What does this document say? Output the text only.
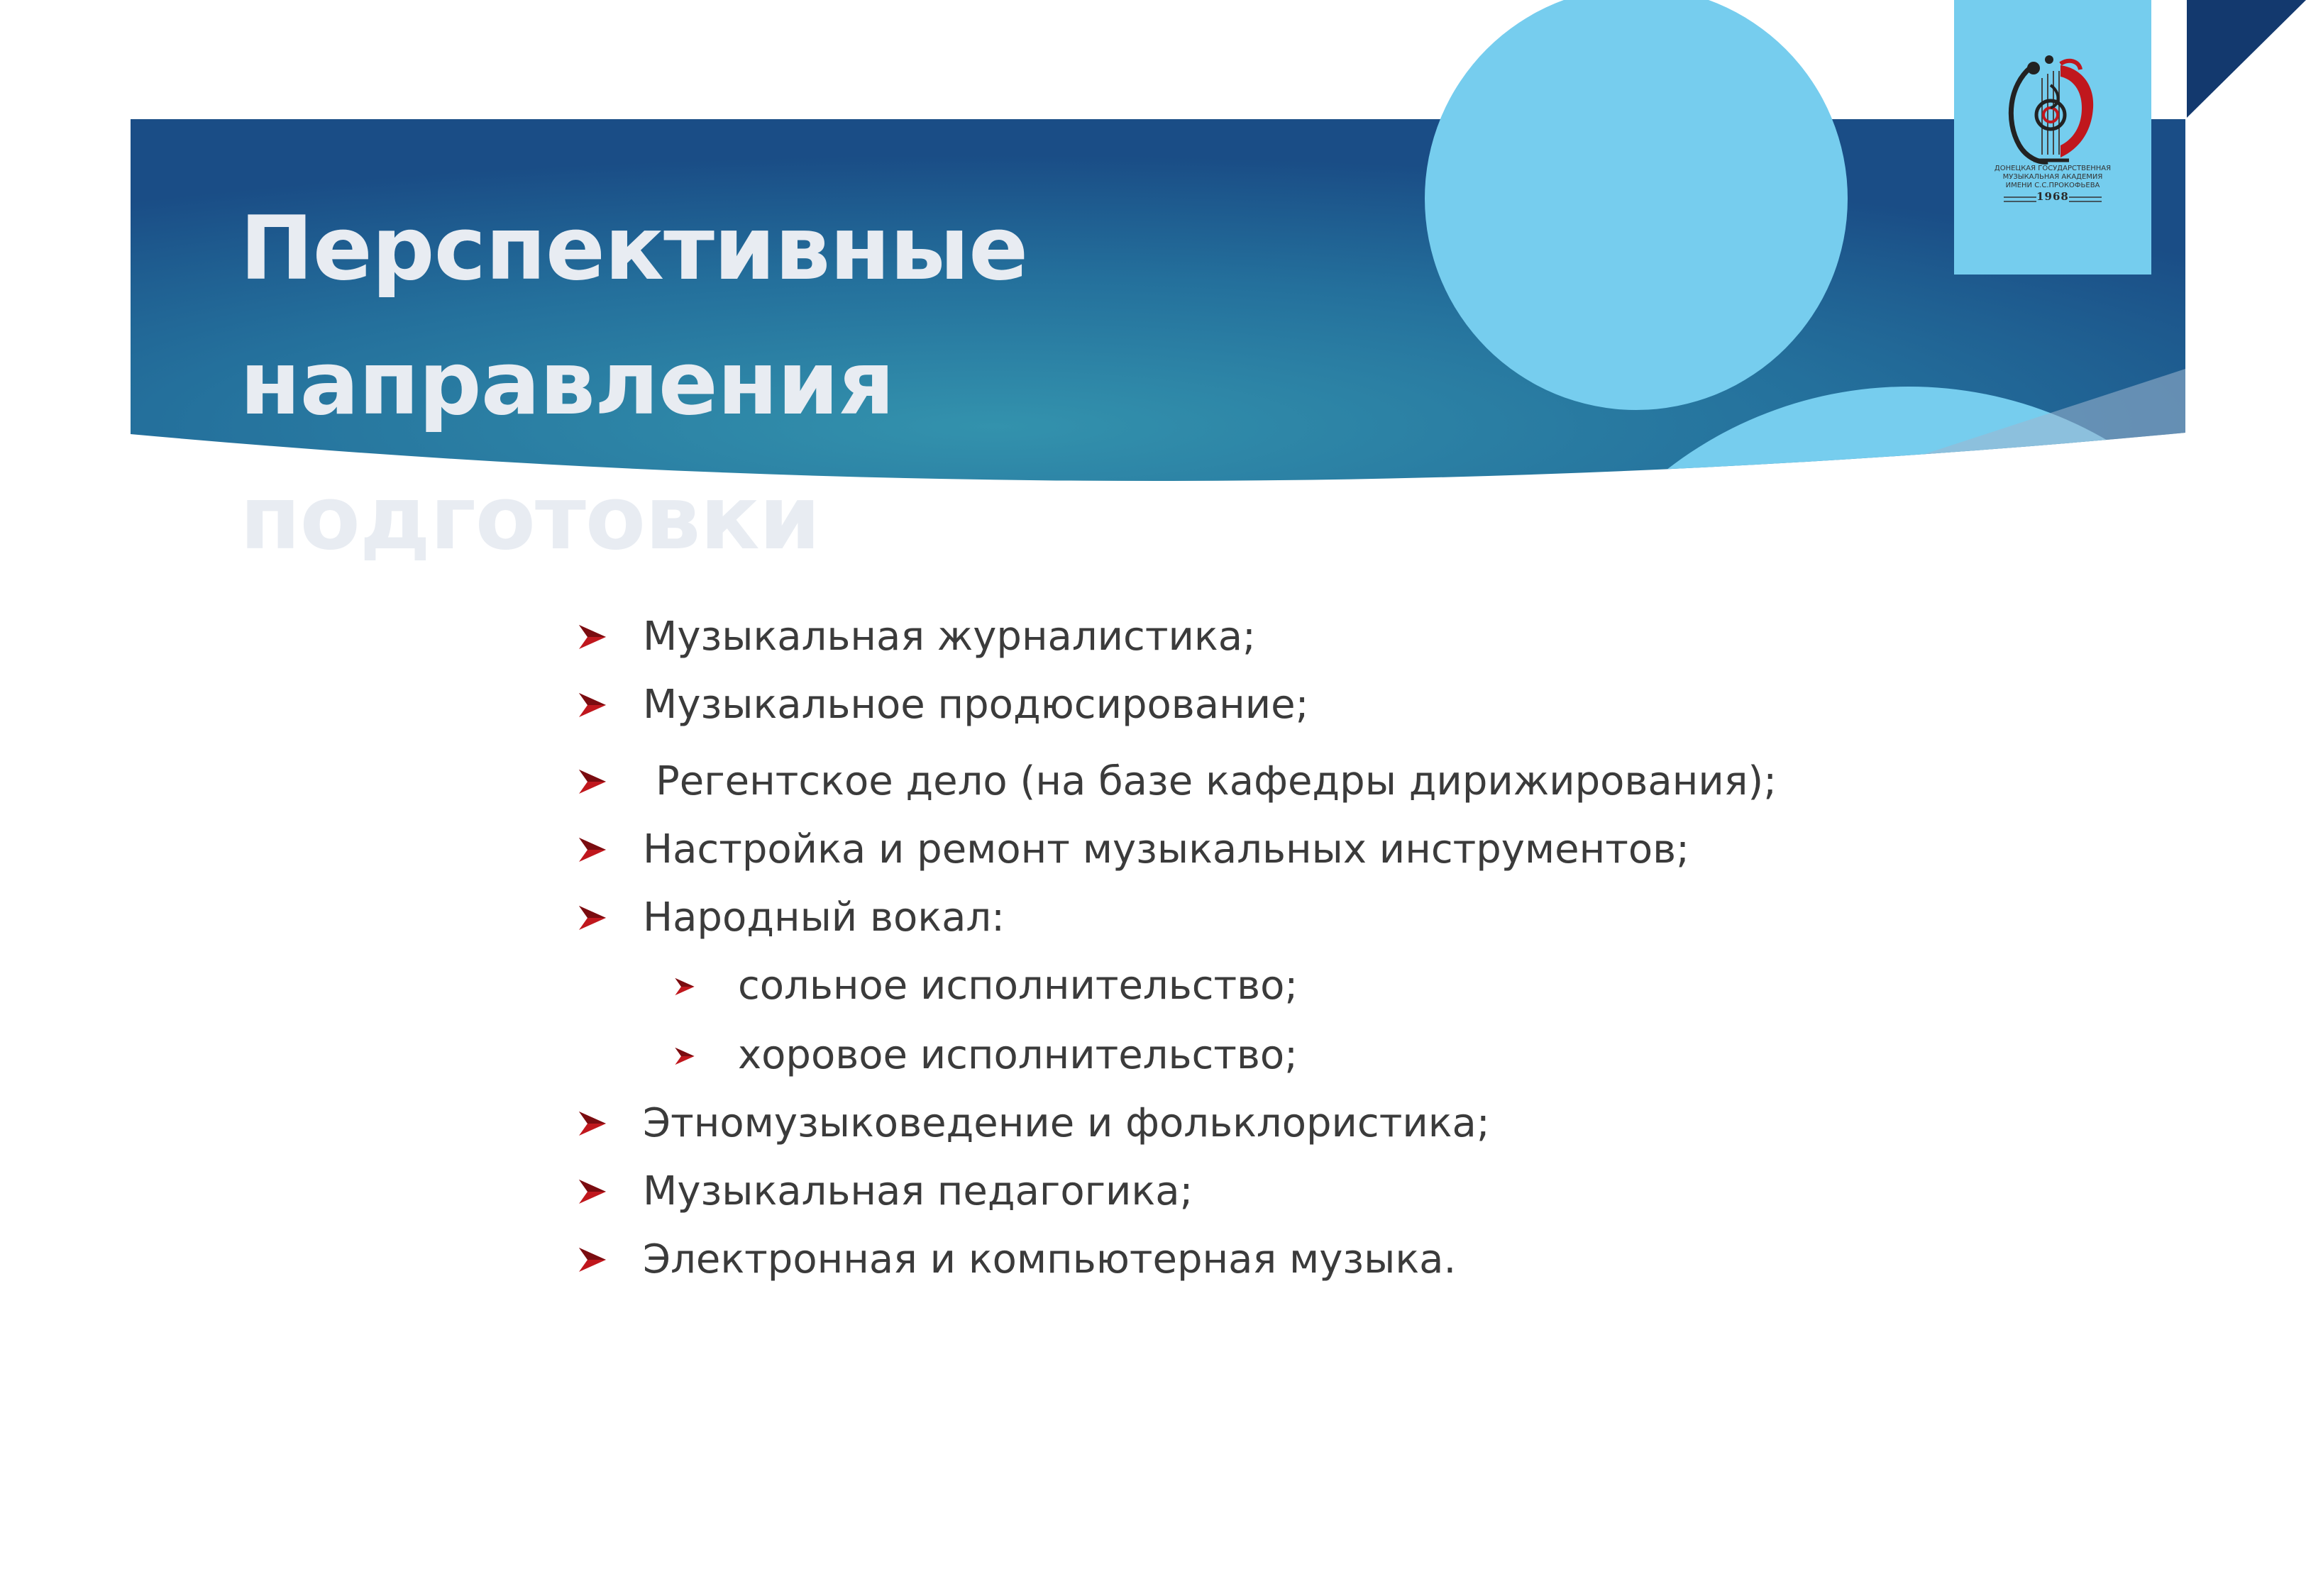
ДОНЕЦКАЯ ГОСУДАРСТВЕННАЯ
МУЗЫКАЛЬНАЯ АКАДЕМИЯ
ИМЕНИ С.С.ПРОКОФЬЕВА
1968
Перспективные
направления подготовки
Музыкальная журналистика;
Музыкальное продюсирование;
Регентское дело (на базе кафедры дирижирования);
Настройка и ремонт музыкальных инструментов;
Народный вокал:
сольное исполнительство;
хоровое исполнительство;
Этномузыковедение и фольклористика;
Музыкальная педагогика;
Электронная и компьютерная музыка.
